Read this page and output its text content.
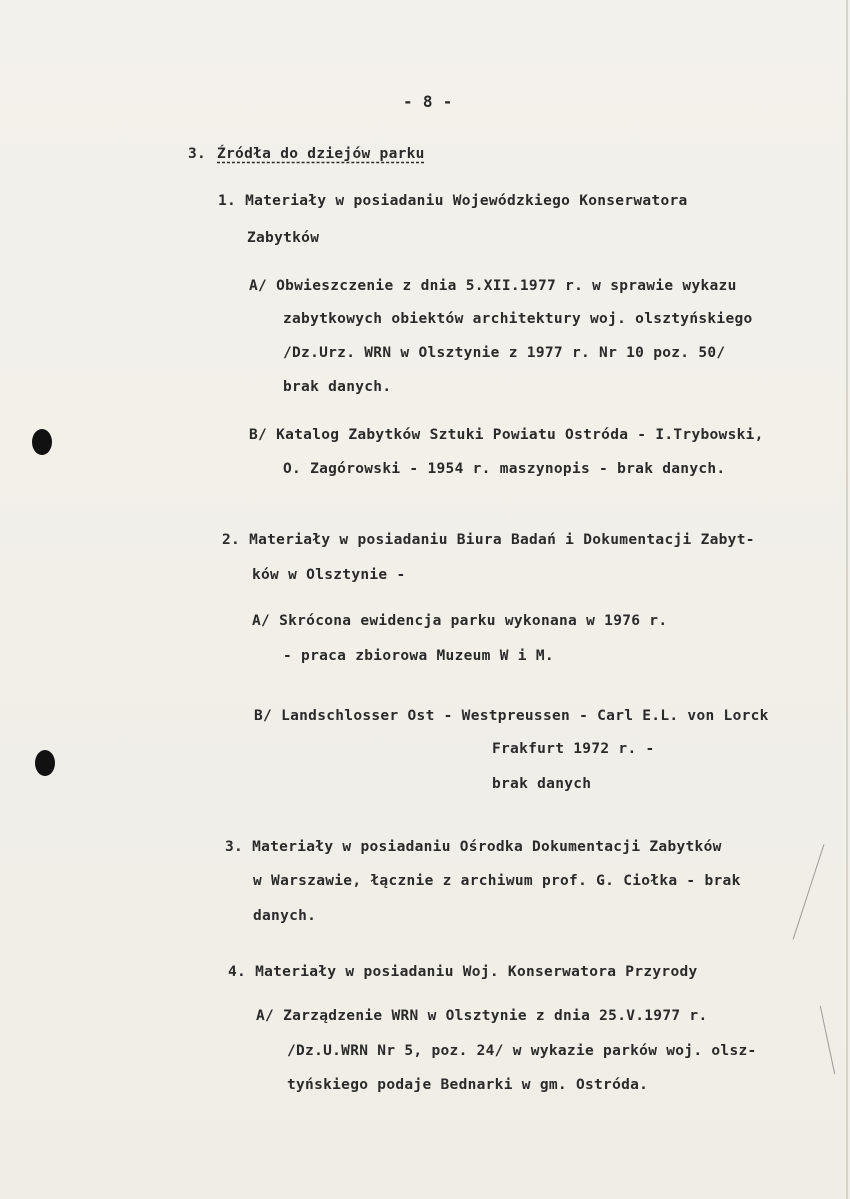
- 8 -
3. Źródła do dziejów parku
1. Materiały w posiadaniu Wojewódzkiego Konserwatora
Zabytków
A/ Obwieszczenie z dnia 5.XII.1977 r. w sprawie wykazu
zabytkowych obiektów architektury woj. olsztyńskiego
/Dz.Urz. WRN w Olsztynie z 1977 r. Nr 10 poz. 50/
brak danych.
B/ Katalog Zabytków Sztuki Powiatu Ostróda - I.Trybowski,
O. Zagórowski - 1954 r. maszynopis - brak danych.
2. Materiały w posiadaniu Biura Badań i Dokumentacji Zabyt-
ków w Olsztynie -
A/ Skrócona ewidencja parku wykonana w 1976 r.
- praca zbiorowa Muzeum W i M.
B/ Landschlosser Ost - Westpreussen - Carl E.L. von Lorck
Frakfurt 1972 r. -
brak danych
3. Materiały w posiadaniu Ośrodka Dokumentacji Zabytków
w Warszawie, łącznie z archiwum prof. G. Ciołka - brak
danych.
4. Materiały w posiadaniu Woj. Konserwatora Przyrody
A/ Zarządzenie WRN w Olsztynie z dnia 25.V.1977 r.
/Dz.U.WRN Nr 5, poz. 24/ w wykazie parków woj. olsz-
tyńskiego podaje Bednarki w gm. Ostróda.
